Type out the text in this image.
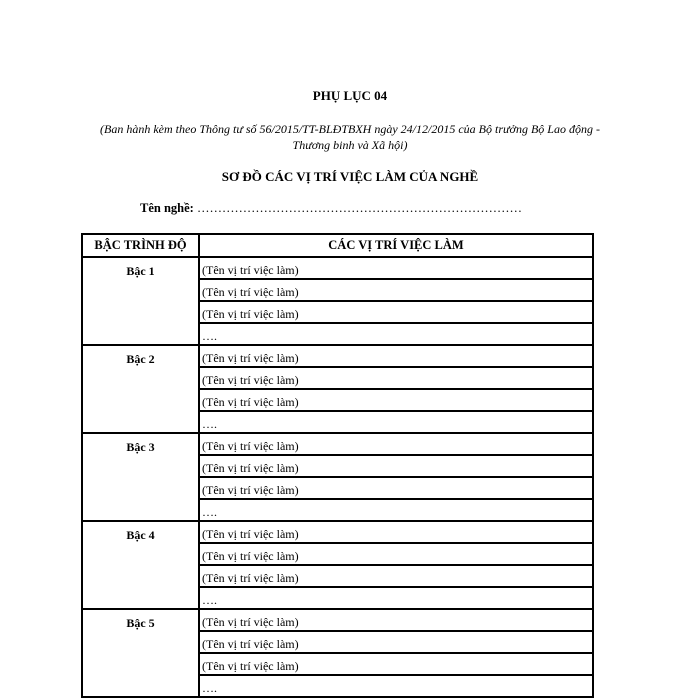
PHỤ LỤC 04
(Ban hành kèm theo Thông tư số 56/2015/TT-BLĐTBXH ngày 24/12/2015 của Bộ trưởng Bộ Lao động - Thương binh và Xã hội)
SƠ ĐỒ CÁC VỊ TRÍ VIỆC LÀM CỦA NGHỀ
Tên nghề: ……………………………………………………………………
BẬC TRÌNH ĐỘ	CÁC VỊ TRÍ VIỆC LÀM
Bậc 1	(Tên vị trí việc làm)
	(Tên vị trí việc làm)
	(Tên vị trí việc làm)
	….
Bậc 2	(Tên vị trí việc làm)
	(Tên vị trí việc làm)
	(Tên vị trí việc làm)
	….
Bậc 3	(Tên vị trí việc làm)
	(Tên vị trí việc làm)
	(Tên vị trí việc làm)
	….
Bậc 4	(Tên vị trí việc làm)
	(Tên vị trí việc làm)
	(Tên vị trí việc làm)
	….
Bậc 5	(Tên vị trí việc làm)
	(Tên vị trí việc làm)
	(Tên vị trí việc làm)
	….
